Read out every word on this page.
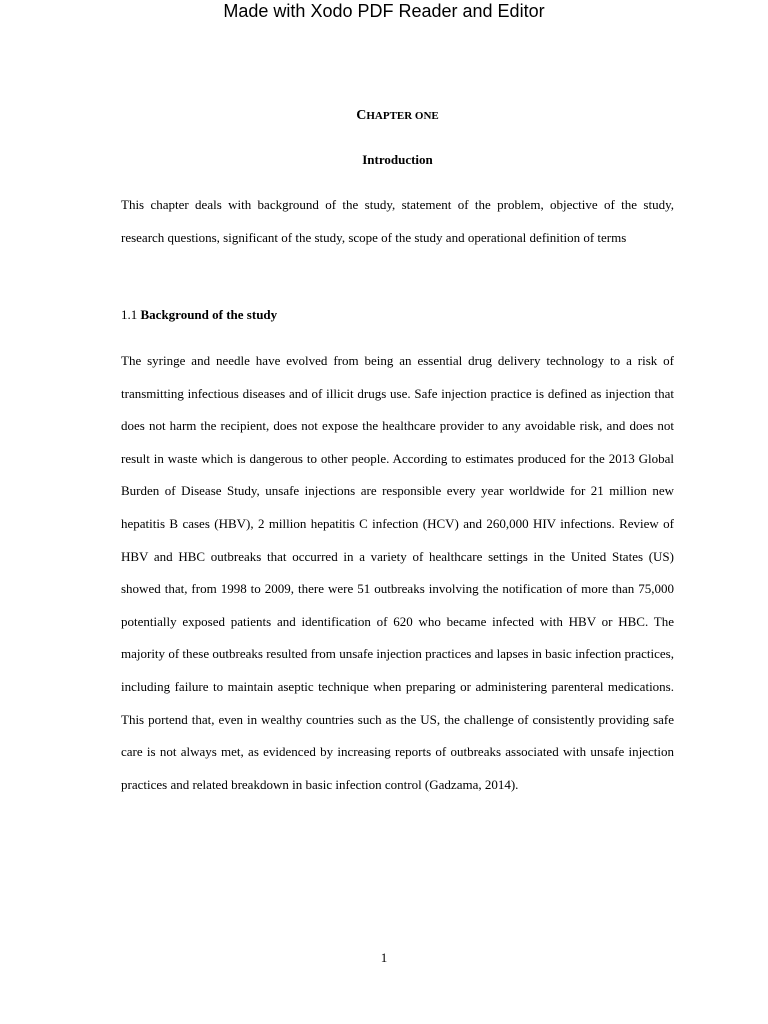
Made with Xodo PDF Reader and Editor
CHAPTER ONE
Introduction

This chapter deals with background of the study, statement of the problem, objective of the study, research questions, significant of the study, scope of the study and operational definition of terms

1.1 Background of the study

The syringe and needle have evolved from being an essential drug delivery technology to a risk of transmitting infectious diseases and of illicit drugs use. Safe injection practice is defined as injection that does not harm the recipient, does not expose the healthcare provider to any avoidable risk, and does not result in waste which is dangerous to other people. According to estimates produced for the 2013 Global Burden of Disease Study, unsafe injections are responsible every year worldwide for 21 million new hepatitis B cases (HBV), 2 million hepatitis C infection (HCV) and 260,000 HIV infections. Review of HBV and HBC outbreaks that occurred in a variety of healthcare settings in the United States (US) showed that, from 1998 to 2009, there were 51 outbreaks involving the notification of more than 75,000 potentially exposed patients and identification of 620 who became infected with HBV or HBC. The majority of these outbreaks resulted from unsafe injection practices and lapses in basic infection practices, including failure to maintain aseptic technique when preparing or administering parenteral medications. This portend that, even in wealthy countries such as the US, the challenge of consistently providing safe care is not always met, as evidenced by increasing reports of outbreaks associated with unsafe injection practices and related breakdown in basic infection control (Gadzama, 2014).

1
